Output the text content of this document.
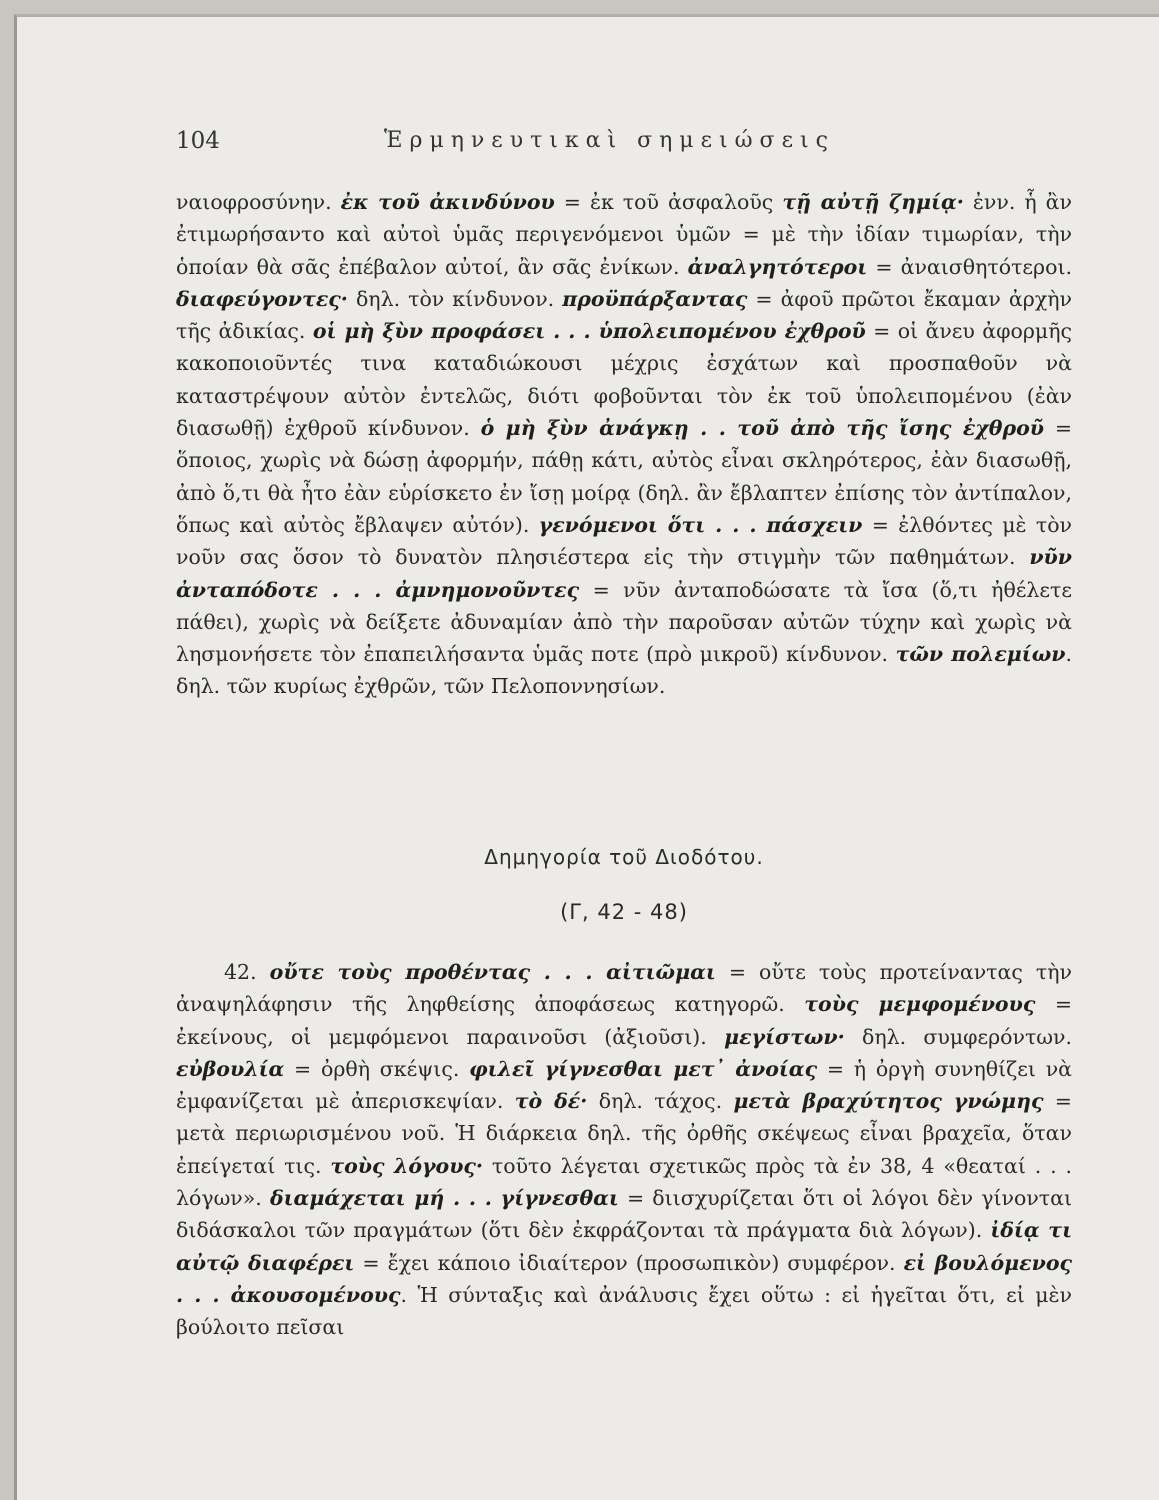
104	Ἑρμηνευτικαὶ σημειώσεις

ναιοφροσύνην. ἐκ τοῦ ἀκινδύνου = ἐκ τοῦ ἀσφαλοῦς τῇ αὐτῇ ζημίᾳ· ἐνν. ἧ ἂν ἐτιμωρήσαντο καὶ αὐτοὶ ὑμᾶς περιγενόμενοι ὑμῶν = μὲ τὴν ἰδίαν τιμωρίαν, τὴν ὁποίαν θὰ σᾶς ἐπέβαλον αὐτοί, ἂν σᾶς ἐνίκων. ἀναλγητότεροι = ἀναισθητότεροι. διαφεύγοντες· δηλ. τὸν κίνδυνον. προϋπάρξαντας = ἀφοῦ πρῶτοι ἔκαμαν ἀρχὴν τῆς ἀδικίας. οἱ μὴ ξὺν προφάσει . . . ὑπολειπομένου ἐχθροῦ = οἱ ἄνευ ἀφορμῆς κακοποιοῦντές τινα καταδιώκουσι μέχρις ἐσχάτων καὶ προσπαθοῦν νὰ καταστρέψουν αὐτὸν ἐντελῶς, διότι φοβοῦνται τὸν ἐκ τοῦ ὑπολειπομένου (ἐὰν διασωθῇ) ἐχθροῦ κίνδυνον. ὁ μὴ ξὺν ἀνάγκῃ . . τοῦ ἀπὸ τῆς ἴσης ἐχθροῦ = ὅποιος, χωρὶς νὰ δώσῃ ἀφορμήν, πάθῃ κάτι, αὐτὸς εἶναι σκληρότερος, ἐὰν διασωθῇ, ἀπὸ ὅ,τι θὰ ἦτο ἐὰν εὑρίσκετο ἐν ἴσῃ μοίρᾳ (δηλ. ἂν ἔβλαπτεν ἐπίσης τὸν ἀντίπαλον, ὅπως καὶ αὐτὸς ἔβλαψεν αὐτόν). γενόμενοι ὅτι . . . πάσχειν = ἐλθόντες μὲ τὸν νοῦν σας ὅσον τὸ δυνατὸν πλησιέστερα εἰς τὴν στιγμὴν τῶν παθημάτων. νῦν ἀνταπόδοτε . . . ἀμνημονοῦντες = νῦν ἀνταποδώσατε τὰ ἴσα (ὅ,τι ἠθέλετε πάθει), χωρὶς νὰ δείξετε ἀδυναμίαν ἀπὸ τὴν παροῦσαν αὐτῶν τύχην καὶ χωρὶς νὰ λησμονήσετε τὸν ἐπαπειλήσαντα ὑμᾶς ποτε (πρὸ μικροῦ) κίνδυνον. τῶν πολεμίων. δηλ. τῶν κυρίως ἐχθρῶν, τῶν Πελοποννησίων.

Δημηγορία τοῦ Διοδότου.

(Γ, 42 - 48)

42. οὔτε τοὺς προθέντας . . . αἰτιῶμαι = οὔτε τοὺς προτείναντας τὴν ἀναψηλάφησιν τῆς ληφθείσης ἀποφάσεως κατηγορῶ. τοὺς μεμφομένους = ἐκείνους, οἱ μεμφόμενοι παραινοῦσι (ἀξιοῦσι). μεγίστων· δηλ. συμφερόντων. εὐβουλία = ὀρθὴ σκέψις. φιλεῖ γίγνεσθαι μετ᾽ ἀνοίας = ἡ ὀργὴ συνηθίζει νὰ ἐμφανίζεται μὲ ἀπερισκεψίαν. τὸ δέ· δηλ. τάχος. μετὰ βραχύτητος γνώμης = μετὰ περιωρισμένου νοῦ. Ἡ διάρκεια δηλ. τῆς ὀρθῆς σκέψεως εἶναι βραχεῖα, ὅταν ἐπείγεταί τις. τοὺς λόγους· τοῦτο λέγεται σχετικῶς πρὸς τὰ ἐν 38, 4 «θεαταί . . . λόγων». διαμάχεται μή . . . γίγνεσθαι = διισχυρίζεται ὅτι οἱ λόγοι δὲν γίνονται διδάσκαλοι τῶν πραγμάτων (ὅτι δὲν ἐκφράζονται τὰ πράγματα διὰ λόγων). ἰδίᾳ τι αὐτῷ διαφέρει = ἔχει κάποιο ἰδιαίτερον (προσωπικὸν) συμφέρον. εἰ βουλόμενος . . . ἀκουσομένους. Ἡ σύνταξις καὶ ἀνάλυσις ἔχει οὕτω : εἰ ἡγεῖται ὅτι, εἰ μὲν βούλοιτο πεῖσαι
